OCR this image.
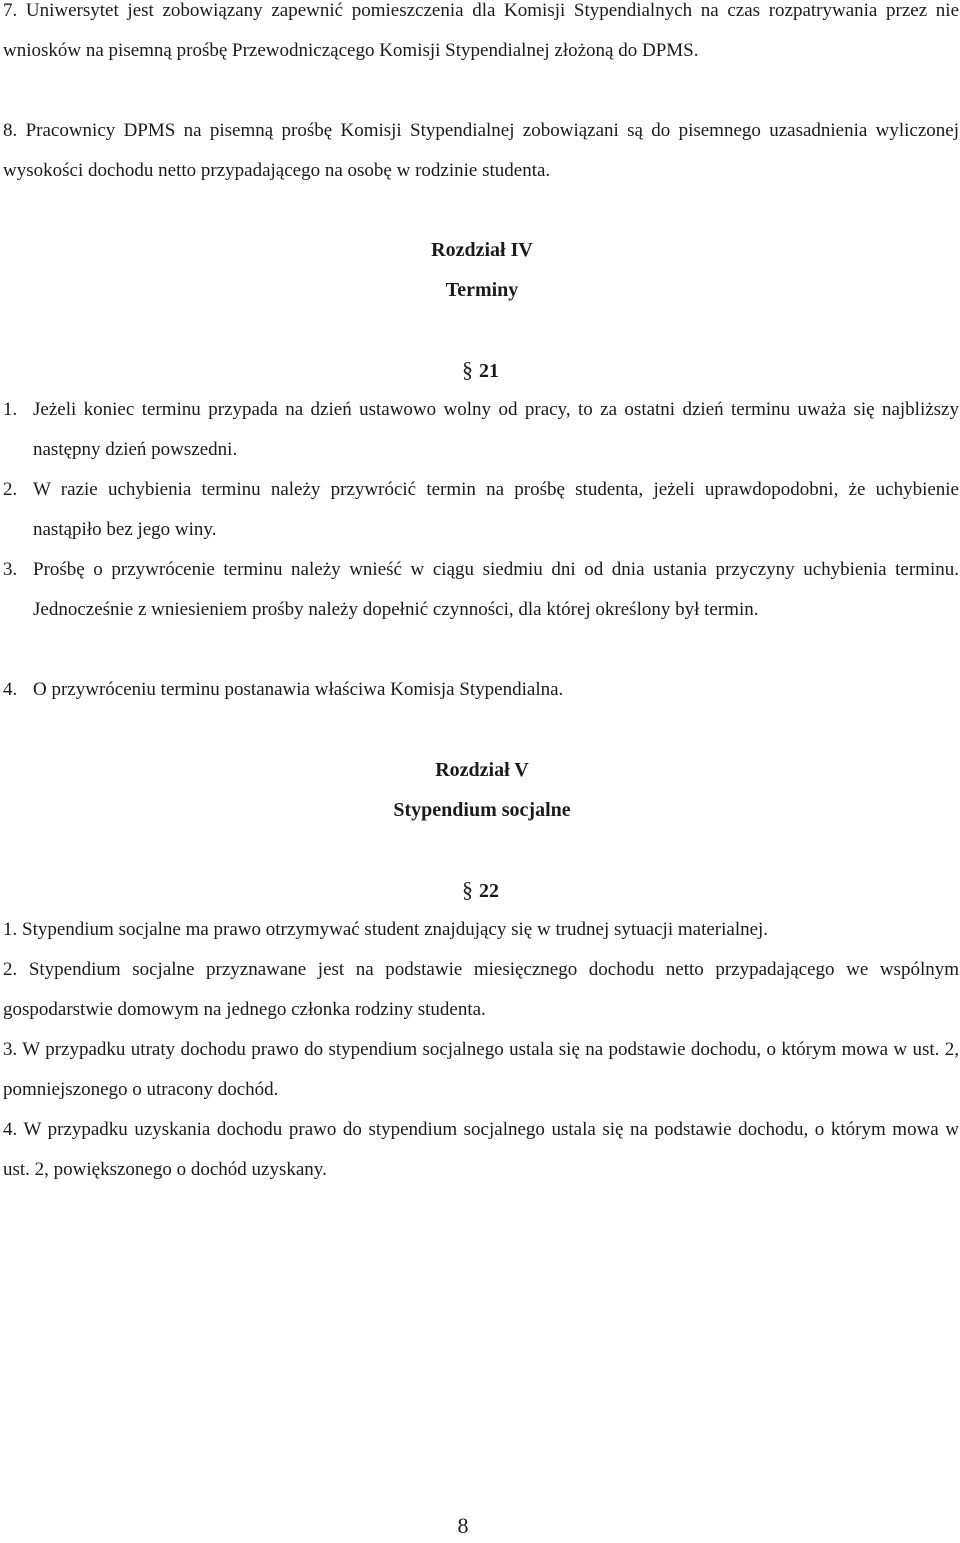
7. Uniwersytet jest zobowiązany zapewnić pomieszczenia dla Komisji Stypendialnych na czas rozpatrywania przez nie wniosków na pisemną prośbę Przewodniczącego Komisji Stypendialnej złożoną do DPMS.

8. Pracownicy DPMS na pisemną prośbę Komisji Stypendialnej zobowiązani są do pisemnego uzasadnienia wyliczonej wysokości dochodu netto przypadającego na osobę w rodzinie studenta.

Rozdział IV

Terminy

§ 21

1. Jeżeli koniec terminu przypada na dzień ustawowo wolny od pracy, to za ostatni dzień terminu uważa się najbliższy następny dzień powszedni.

2. W razie uchybienia terminu należy przywrócić termin na prośbę studenta, jeżeli uprawdopodobni, że uchybienie nastąpiło bez jego winy.

3. Prośbę o przywrócenie terminu należy wnieść w ciągu siedmiu dni od dnia ustania przyczyny uchybienia terminu. Jednocześnie z wniesieniem prośby należy dopełnić czynności, dla której określony był termin.

4. O przywróceniu terminu postanawia właściwa Komisja Stypendialna.

Rozdział V

Stypendium socjalne

§ 22

1. Stypendium socjalne ma prawo otrzymywać student znajdujący się w trudnej sytuacji materialnej.

2. Stypendium socjalne przyznawane jest na podstawie miesięcznego dochodu netto przypadającego we wspólnym gospodarstwie domowym na jednego członka rodziny studenta.

3. W przypadku utraty dochodu prawo do stypendium socjalnego ustala się na podstawie dochodu, o którym mowa w ust. 2, pomniejszonego o utracony dochód.

4. W przypadku uzyskania dochodu prawo do stypendium socjalnego ustala się na podstawie dochodu, o którym mowa w ust. 2, powiększonego o dochód uzyskany.

8
